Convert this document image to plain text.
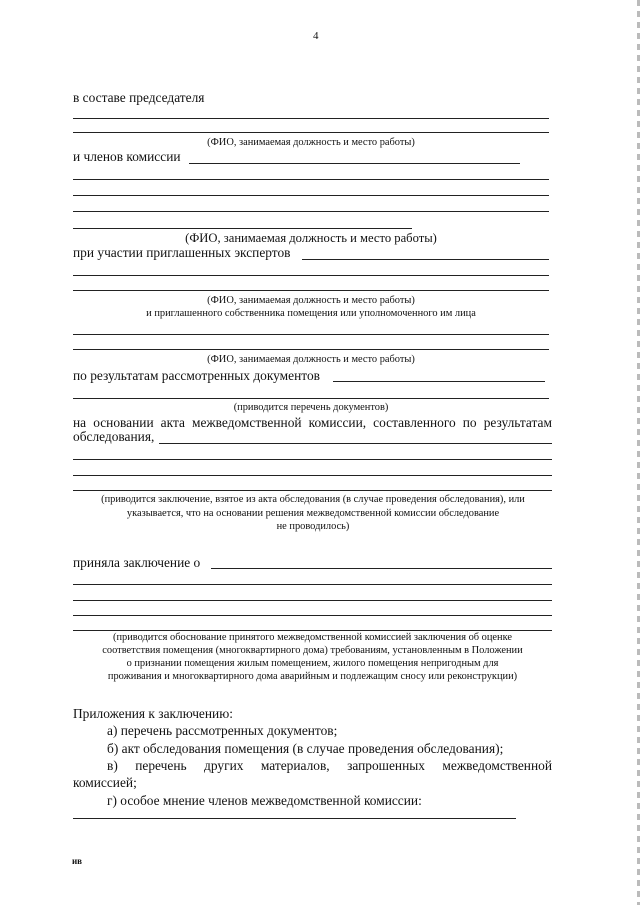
4
в составе председателя
(ФИО, занимаемая должность и место работы)
и членов комиссии
(ФИО, занимаемая должность и место работы)
при участии приглашенных экспертов
(ФИО, занимаемая должность и место работы)
и приглашенного собственника помещения или уполномоченного им лица
(ФИО, занимаемая должность и место работы)
по результатам рассмотренных документов
(приводится перечень документов)
на основании акта межведомственной комиссии, составленного по результатам
обследования,
(приводится заключение, взятое из акта обследования (в случае проведения обследования), или
указывается, что на основании решения межведомственной комиссии обследование
не проводилось)
приняла заключение о
(приводится обоснование принятого межведомственной комиссией заключения об оценке
соответствия помещения (многоквартирного дома) требованиям, установленным в Положении
о признании помещения жилым помещением, жилого помещения непригодным для
проживания и многоквартирного дома аварийным и подлежащим сносу или реконструкции)
Приложения к заключению:
а) перечень рассмотренных документов;
б) акт обследования помещения (в случае проведения обследования);
в) перечень других материалов, запрошенных межведомственной
комиссией;
г) особое мнение членов межведомственной комиссии:
ив
